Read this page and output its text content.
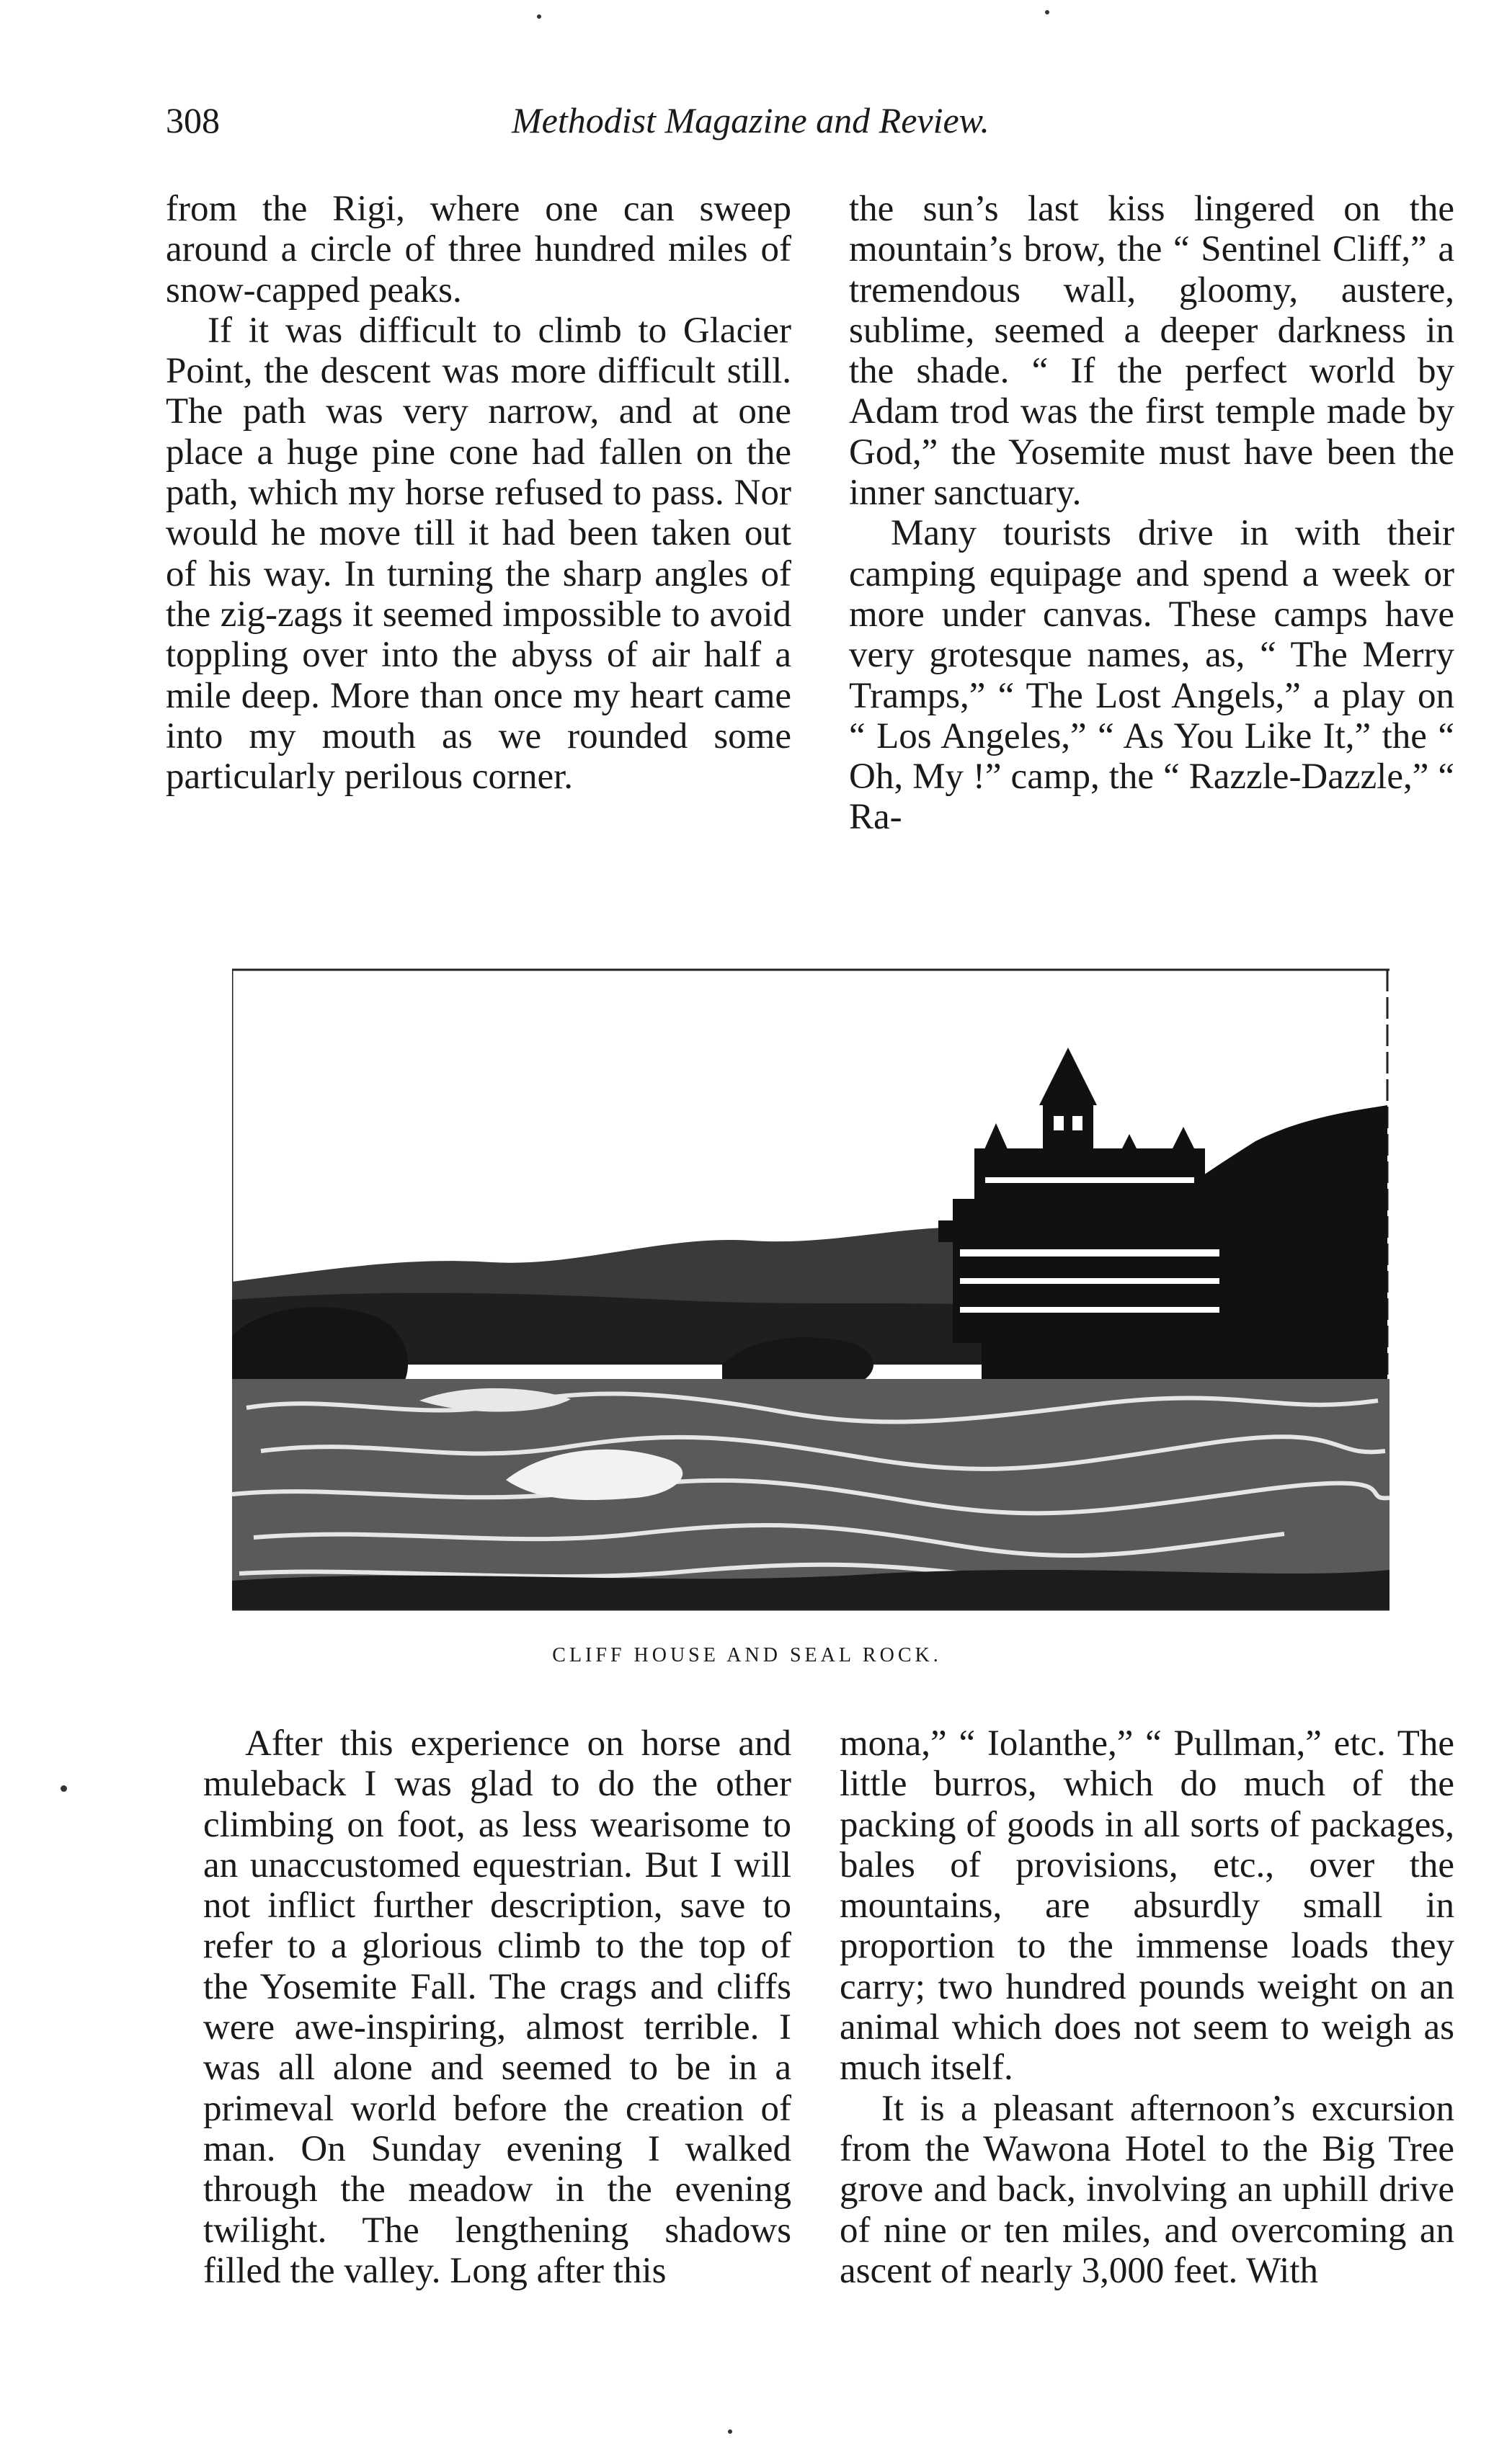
308	Methodist Magazine and Review.

from the Rigi, where one can sweep around a circle of three hundred miles of snow-capped peaks.

If it was difficult to climb to Glacier Point, the descent was more difficult still. The path was very narrow, and at one place a huge pine cone had fallen on the path, which my horse refused to pass. Nor would he move till it had been taken out of his way. In turning the sharp angles of the zig-zags it seemed impossible to avoid toppling over into the abyss of air half a mile deep. More than once my heart came into my mouth as we rounded some particularly perilous corner.

the sun’s last kiss lingered on the mountain’s brow, the “ Sentinel Cliff,” a tremendous wall, gloomy, austere, sublime, seemed a deeper darkness in the shade. “ If the perfect world by Adam trod was the first temple made by God,” the Yosemite must have been the inner sanctuary.

Many tourists drive in with their camping equipage and spend a week or more under canvas. These camps have very grotesque names, as, “ The Merry Tramps,” “ The Lost Angels,” a play on “ Los Angeles,” “ As You Like It,” the “ Oh, My !” camp, the “ Razzle-Dazzle,” “ Ra-

CLIFF HOUSE AND SEAL ROCK.

After this experience on horse and muleback I was glad to do the other climbing on foot, as less wearisome to an unaccustomed equestrian. But I will not inflict further description, save to refer to a glorious climb to the top of the Yosemite Fall. The crags and cliffs were awe-inspiring, almost terrible. I was all alone and seemed to be in a primeval world before the creation of man. On Sunday evening I walked through the meadow in the evening twilight. The lengthening shadows filled the valley. Long after this

mona,” “ Iolanthe,” “ Pullman,” etc. The little burros, which do much of the packing of goods in all sorts of packages, bales of provisions, etc., over the mountains, are absurdly small in proportion to the immense loads they carry; two hundred pounds weight on an animal which does not seem to weigh as much itself.

It is a pleasant afternoon’s excursion from the Wawona Hotel to the Big Tree grove and back, involving an uphill drive of nine or ten miles, and overcoming an ascent of nearly 3,000 feet. With
